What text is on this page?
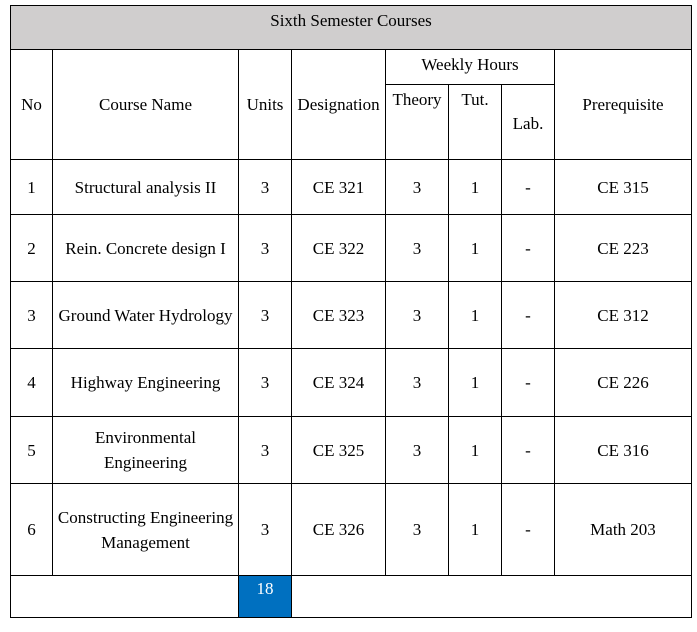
Sixth Semester Courses							
No	Course Name	Units	Designation	Weekly Hours			Prerequisite
				Theory	Tut.	Lab.	
1	Structural analysis II	3	CE 321	3	1	-	CE 315
2	Rein. Concrete design I	3	CE 322	3	1	-	CE 223
3	Ground Water Hydrology	3	CE 323	3	1	-	CE 312
4	Highway Engineering	3	CE 324	3	1	-	CE 226
5	Environmental Engineering	3	CE 325	3	1	-	CE 316
6	Constructing Engineering Management	3	CE 326	3	1	-	Math 203
		18					
